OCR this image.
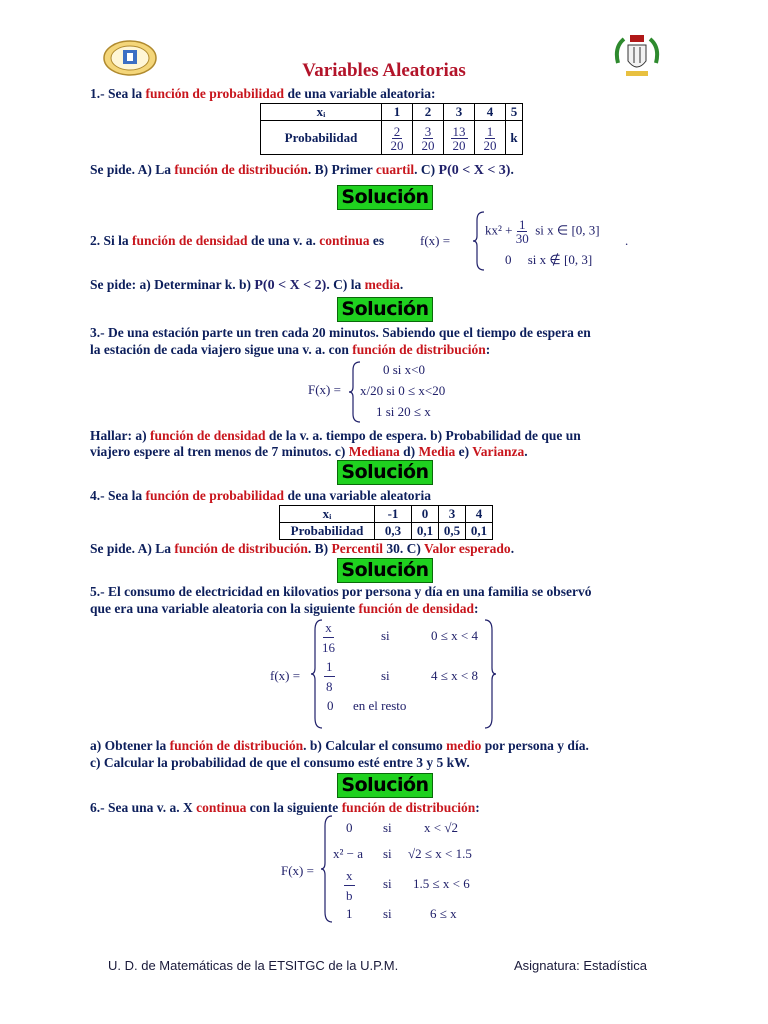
Variables Aleatorias
1.- Sea la función de probabilidad de una variable aleatoria:
xᵢ	1	2	3	4	5
Probabilidad	$\frac{2}{20}$	$\frac{3}{20}$	$\frac{13}{20}$	$\frac{1}{20}$	k
Se pide. A) La función de distribución. B) Primer cuartil. C) P(0 < X < 3).
Solución
2. Si la función de densidad de una v. a. continua es	f(x) =
$kx^2 + \frac{1}{30}$ si x ∈ [0, 3]
.
0 si x ∉ [0, 3]
Se pide: a) Determinar k. b) P(0 < X < 2). C) la media.
Solución
3.- De una estación parte un tren cada 20 minutos. Sabiendo que el tiempo de espera en
la estación de cada viajero sigue una v. a. con función de distribución:
F(x) =
0 si x<0
x/20 si 0 ≤ x<20
1 si 20 ≤ x
Hallar: a) función de densidad de la v. a. tiempo de espera. b) Probabilidad de que un
viajero espere al tren menos de 7 minutos. c) Mediana d) Media e) Varianza.
Solución
4.- Sea la función de probabilidad de una variable aleatoria
xᵢ	-1	0	3	4
Probabilidad	0,3	0,1	0,5	0,1
Se pide. A) La función de distribución. B) Percentil 30. C) Valor esperado.
Solución
5.- El consumo de electricidad en kilovatios por persona y día en una familia se observó
que era una variable aleatoria con la siguiente función de densidad:
f(x) =
$\frac{x}{16}$	si	0 ≤ x < 4
$\frac{1}{8}$	si	4 ≤ x < 8
0 en el resto
a) Obtener la función de distribución. b) Calcular el consumo medio por persona y día.
c) Calcular la probabilidad de que el consumo esté entre 3 y 5 kW.
Solución
6.- Sea una v. a. X continua con la siguiente función de distribución:
F(x) =
0 si x < √2
x² − a si √2 ≤ x < 1.5
$\frac{x}{b}$ si 1.5 ≤ x < 6
1 si	6 ≤ x
U. D. de Matemáticas de la ETSITGC de la U.P.M.	Asignatura: Estadística
